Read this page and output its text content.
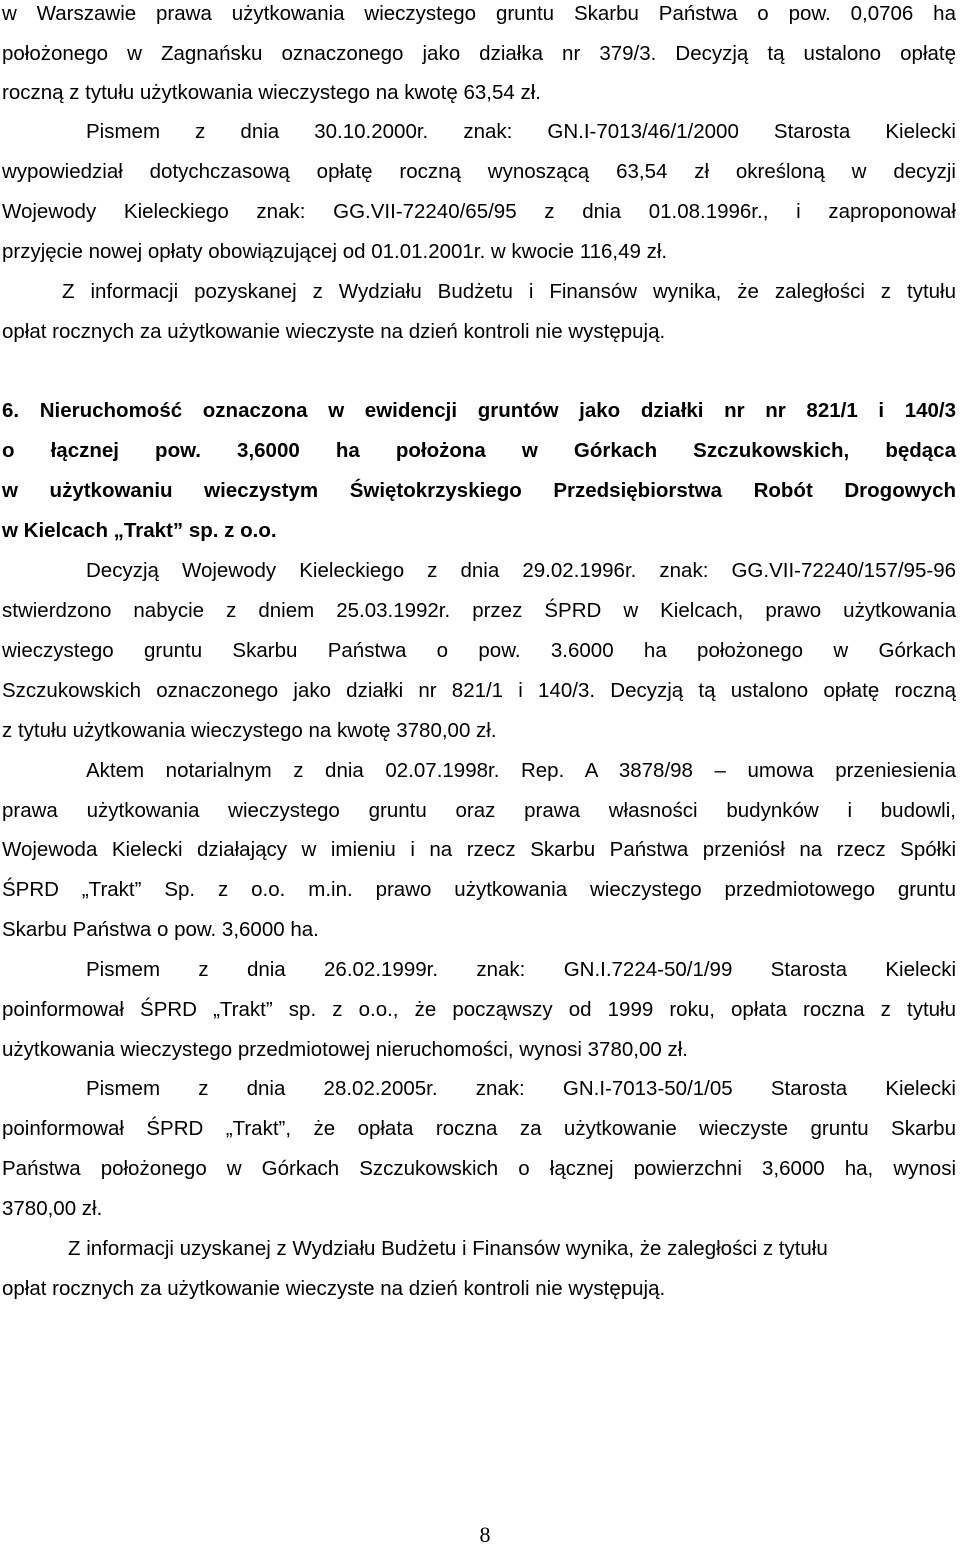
w Warszawie prawa użytkowania wieczystego gruntu Skarbu Państwa o pow. 0,0706 ha
położonego w Zagnańsku oznaczonego jako działka nr 379/3. Decyzją tą ustalono opłatę
roczną z tytułu użytkowania wieczystego na kwotę 63,54 zł.
Pismem z dnia 30.10.2000r. znak: GN.I-7013/46/1/2000 Starosta Kielecki
wypowiedział dotychczasową opłatę roczną wynoszącą 63,54 zł określoną w decyzji
Wojewody Kieleckiego znak: GG.VII-72240/65/95 z dnia 01.08.1996r., i zaproponował
przyjęcie nowej opłaty obowiązującej od 01.01.2001r. w kwocie 116,49 zł.
Z informacji pozyskanej z Wydziału Budżetu i Finansów wynika, że zaległości z tytułu
opłat rocznych za użytkowanie wieczyste na dzień kontroli nie występują.
6. Nieruchomość oznaczona w ewidencji gruntów jako działki nr nr 821/1 i 140/3
o łącznej pow. 3,6000 ha położona w Górkach Szczukowskich, będąca
w użytkowaniu wieczystym Świętokrzyskiego Przedsiębiorstwa Robót Drogowych
w Kielcach „Trakt” sp. z o.o.
Decyzją Wojewody Kieleckiego z dnia 29.02.1996r. znak: GG.VII-72240/157/95-96
stwierdzono nabycie z dniem 25.03.1992r. przez ŚPRD w Kielcach, prawo użytkowania
wieczystego gruntu Skarbu Państwa o pow. 3.6000 ha położonego w Górkach
Szczukowskich oznaczonego jako działki nr 821/1 i 140/3. Decyzją tą ustalono opłatę roczną
z tytułu użytkowania wieczystego na kwotę 3780,00 zł.
Aktem notarialnym z dnia 02.07.1998r. Rep. A 3878/98 – umowa przeniesienia
prawa użytkowania wieczystego gruntu oraz prawa własności budynków i budowli,
Wojewoda Kielecki działający w imieniu i na rzecz Skarbu Państwa przeniósł na rzecz Spółki
ŚPRD „Trakt” Sp. z o.o. m.in. prawo użytkowania wieczystego przedmiotowego gruntu
Skarbu Państwa o pow. 3,6000 ha.
Pismem z dnia 26.02.1999r. znak: GN.I.7224-50/1/99 Starosta Kielecki
poinformował ŚPRD „Trakt” sp. z o.o., że począwszy od 1999 roku, opłata roczna z tytułu
użytkowania wieczystego przedmiotowej nieruchomości, wynosi 3780,00 zł.
Pismem z dnia 28.02.2005r. znak: GN.I-7013-50/1/05 Starosta Kielecki
poinformował ŚPRD „Trakt”, że opłata roczna za użytkowanie wieczyste gruntu Skarbu
Państwa położonego w Górkach Szczukowskich o łącznej powierzchni 3,6000 ha, wynosi
3780,00 zł.
Z informacji uzyskanej z Wydziału Budżetu i Finansów wynika, że zaległości z tytułu
opłat rocznych za użytkowanie wieczyste na dzień kontroli nie występują.
8
